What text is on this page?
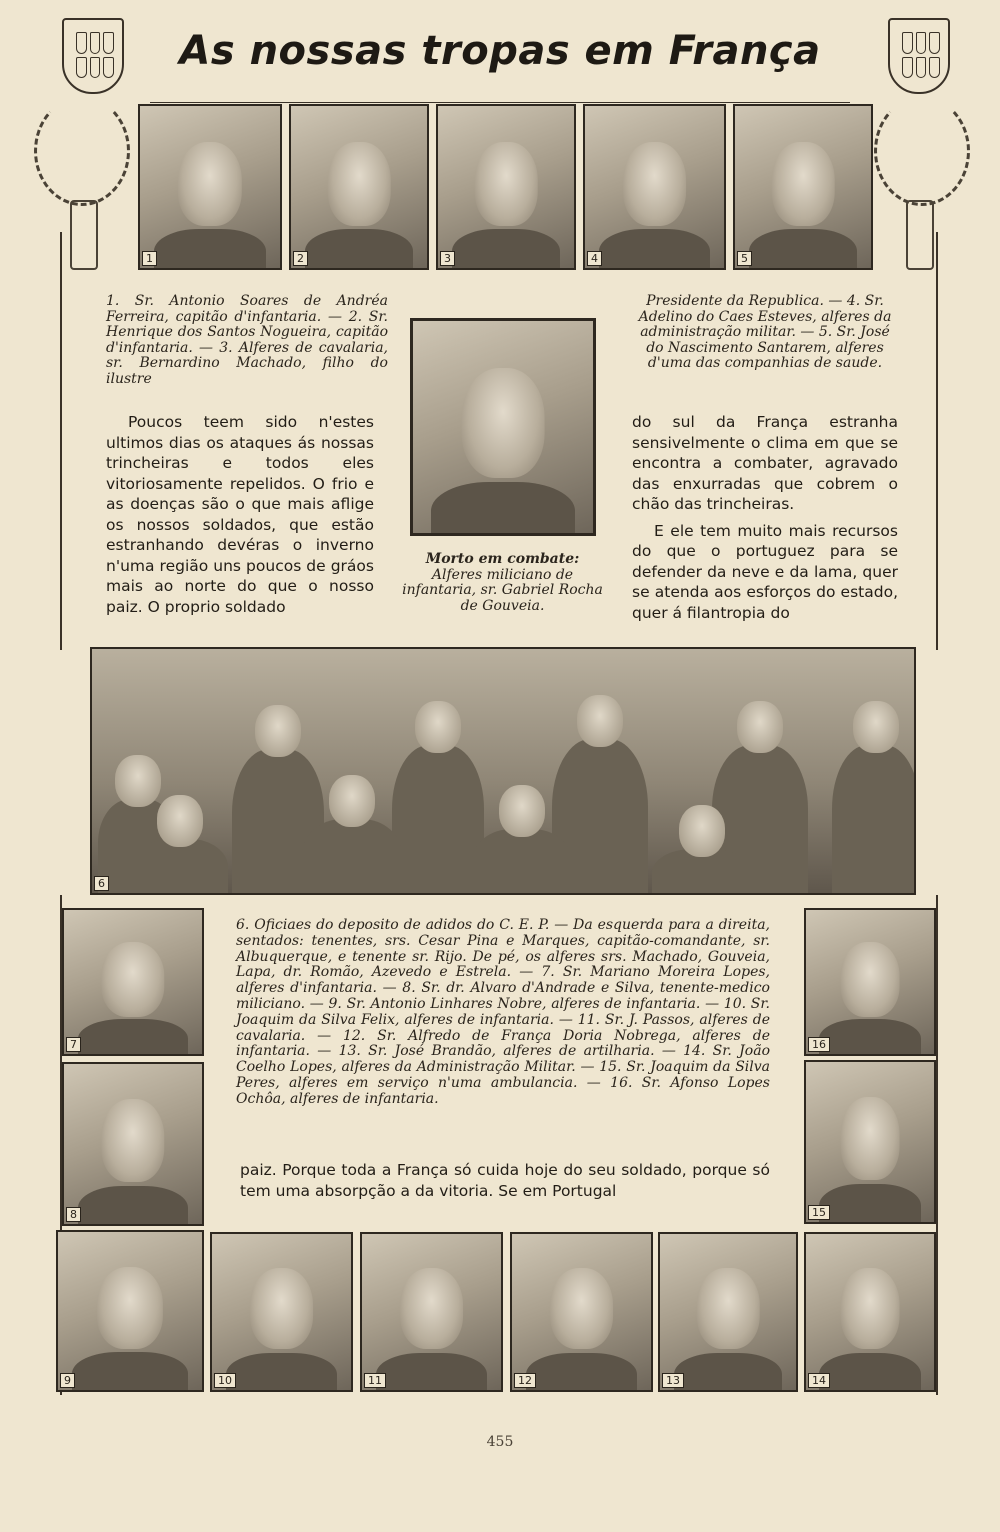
As nossas tropas em França
1	2	3	4	5

1. Sr. Antonio Soares de Andréa Ferreira, capitão d'infantaria. — 2. Sr. Henrique dos Santos Nogueira, capitão d'infantaria. — 3. Alferes de cavalaria, sr. Bernardino Machado, filho do ilustre

Presidente da Republica. — 4. Sr. Adelino do Caes Esteves, alferes da administração militar. — 5. Sr. José do Nascimento Santarem, alferes d'uma das companhias de saude.

Morto em combate:
Alferes miliciano de infantaria, sr. Gabriel Rocha de Gouveia.

Poucos teem sido n'estes ultimos dias os ataques ás nossas trincheiras e todos eles vitoriosamente repelidos. O frio e as doenças são o que mais aflige os nossos soldados, que estão estranhando devéras o inverno n'uma região uns poucos de gráos mais ao norte do que o nosso paiz. O proprio soldado

do sul da França estranha sensivelmente o clima em que se encontra a combater, agravado das enxurradas que cobrem o chão das trincheiras.

E ele tem muito mais recursos do que o portuguez para se defender da neve e da lama, quer se atenda aos esforços do estado, quer á filantropia do

6
7
8
16
15

6. Oficiaes do deposito de adidos do C. E. P. — Da esquerda para a direita, sentados: tenentes, srs. Cesar Pina e Marques, capitão-comandante, sr. Albuquerque, e tenente sr. Rijo. De pé, os alferes srs. Machado, Gouveia, Lapa, dr. Romão, Azevedo e Estrela. — 7. Sr. Mariano Moreira Lopes, alferes d'infantaria. — 8. Sr. dr. Alvaro d'Andrade e Silva, tenente-medico miliciano. — 9. Sr. Antonio Linhares Nobre, alferes de infantaria. — 10. Sr. Joaquim da Silva Felix, alferes de infantaria. — 11. Sr. J. Passos, alferes de cavalaria. — 12. Sr. Alfredo de França Doria Nobrega, alferes de infantaria. — 13. Sr. José Brandão, alferes de artilharia. — 14. Sr. João Coelho Lopes, alferes da Administração Militar. — 15. Sr. Joaquim da Silva Peres, alferes em serviço n'uma ambulancia. — 16. Sr. Afonso Lopes Ochôa, alferes de infantaria.

paiz. Porque toda a França só cuida hoje do seu soldado, porque só tem uma absorpção a da vitoria. Se em Portugal

9	10	11	12	13	14
455
